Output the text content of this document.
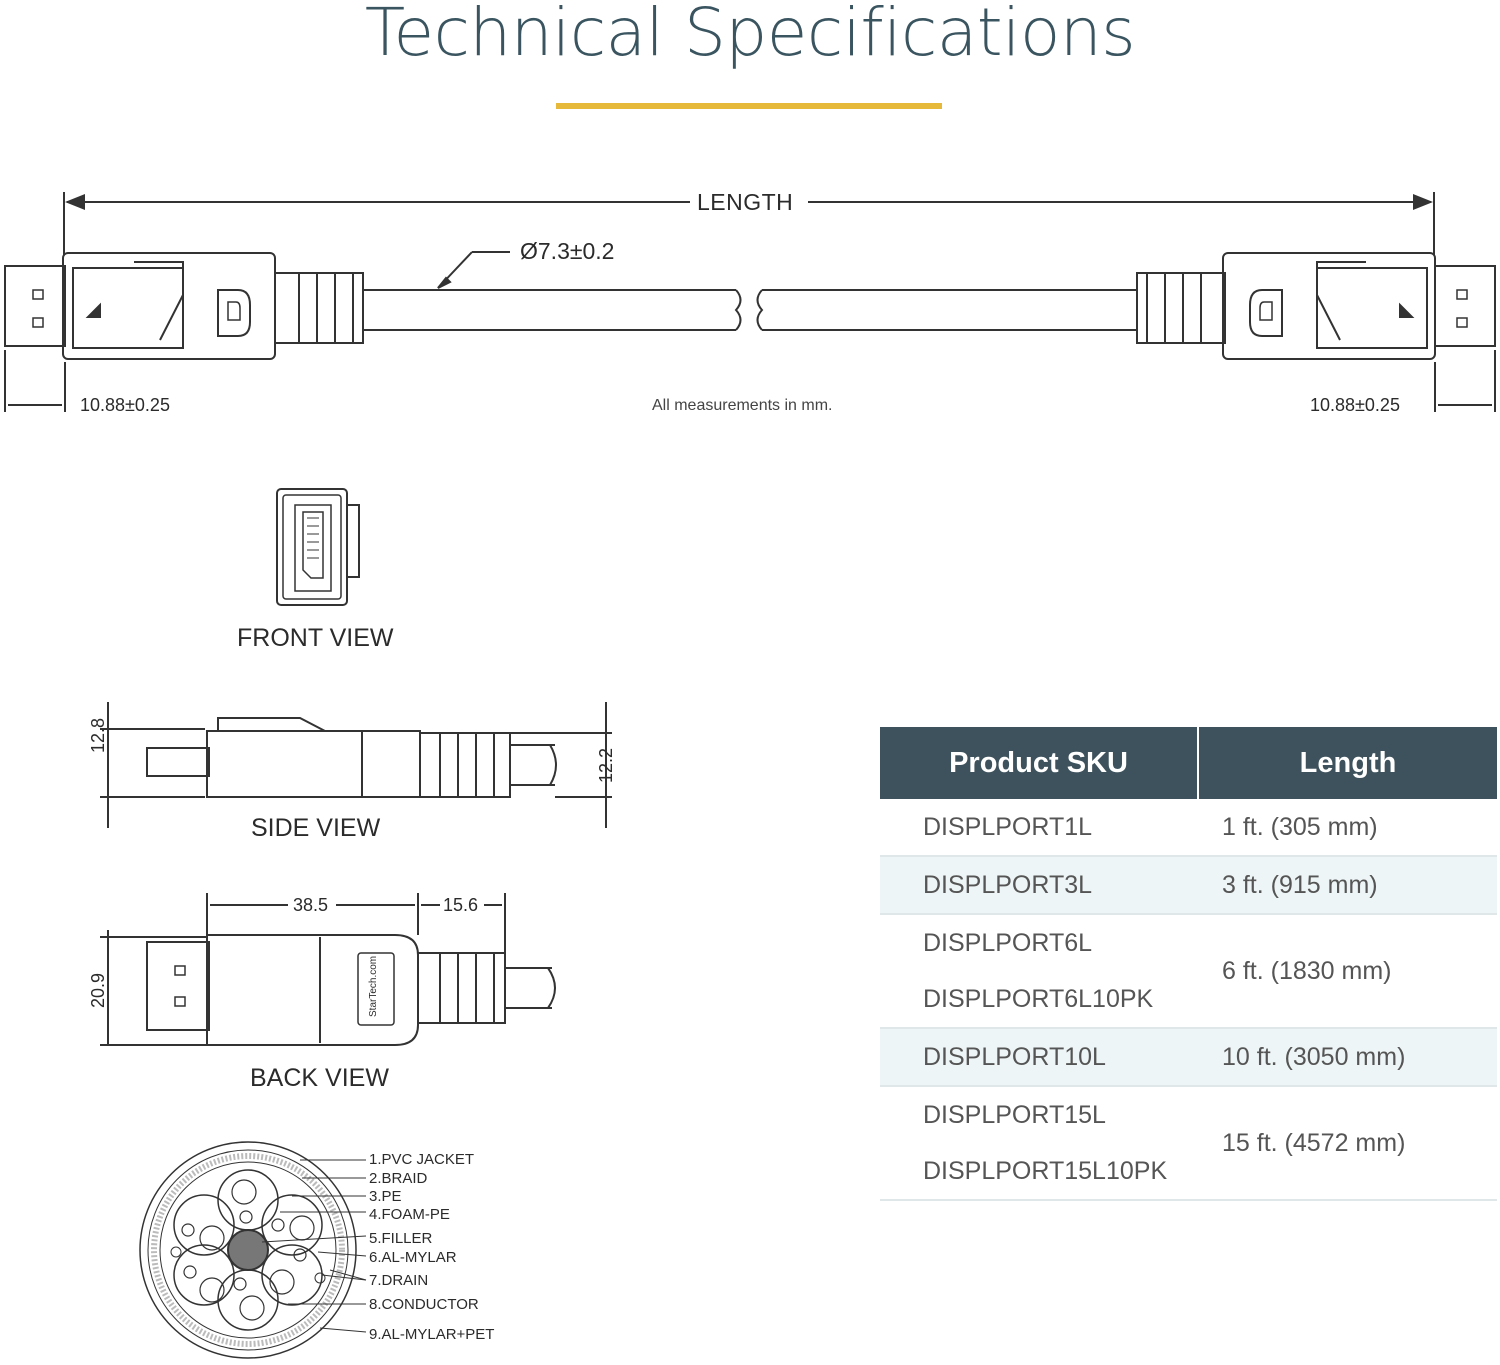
Technical Specifications
LENGTH
Ø7.3±0.2
10.88±0.25	10.88±0.25
All measurements in mm.
FRONT VIEW
SIDE VIEW
BACK VIEW
12.8
12.2
20.9
38.5	15.6
StarTech.com
1.PVC JACKET
2.BRAID
3.PE
4.FOAM-PE
5.FILLER
6.AL-MYLAR
7.DRAIN
8.CONDUCTOR
9.AL-MYLAR+PET
Product SKU	Length

DISPLPORT1L	1 ft. (305 mm)

DISPLPORT3L	3 ft. (915 mm)

DISPLPORT6L
DISPLPORT6L10PK	6 ft. (1830 mm)

DISPLPORT10L	10 ft. (3050 mm)

DISPLPORT15L
DISPLPORT15L10PK	15 ft. (4572 mm)
